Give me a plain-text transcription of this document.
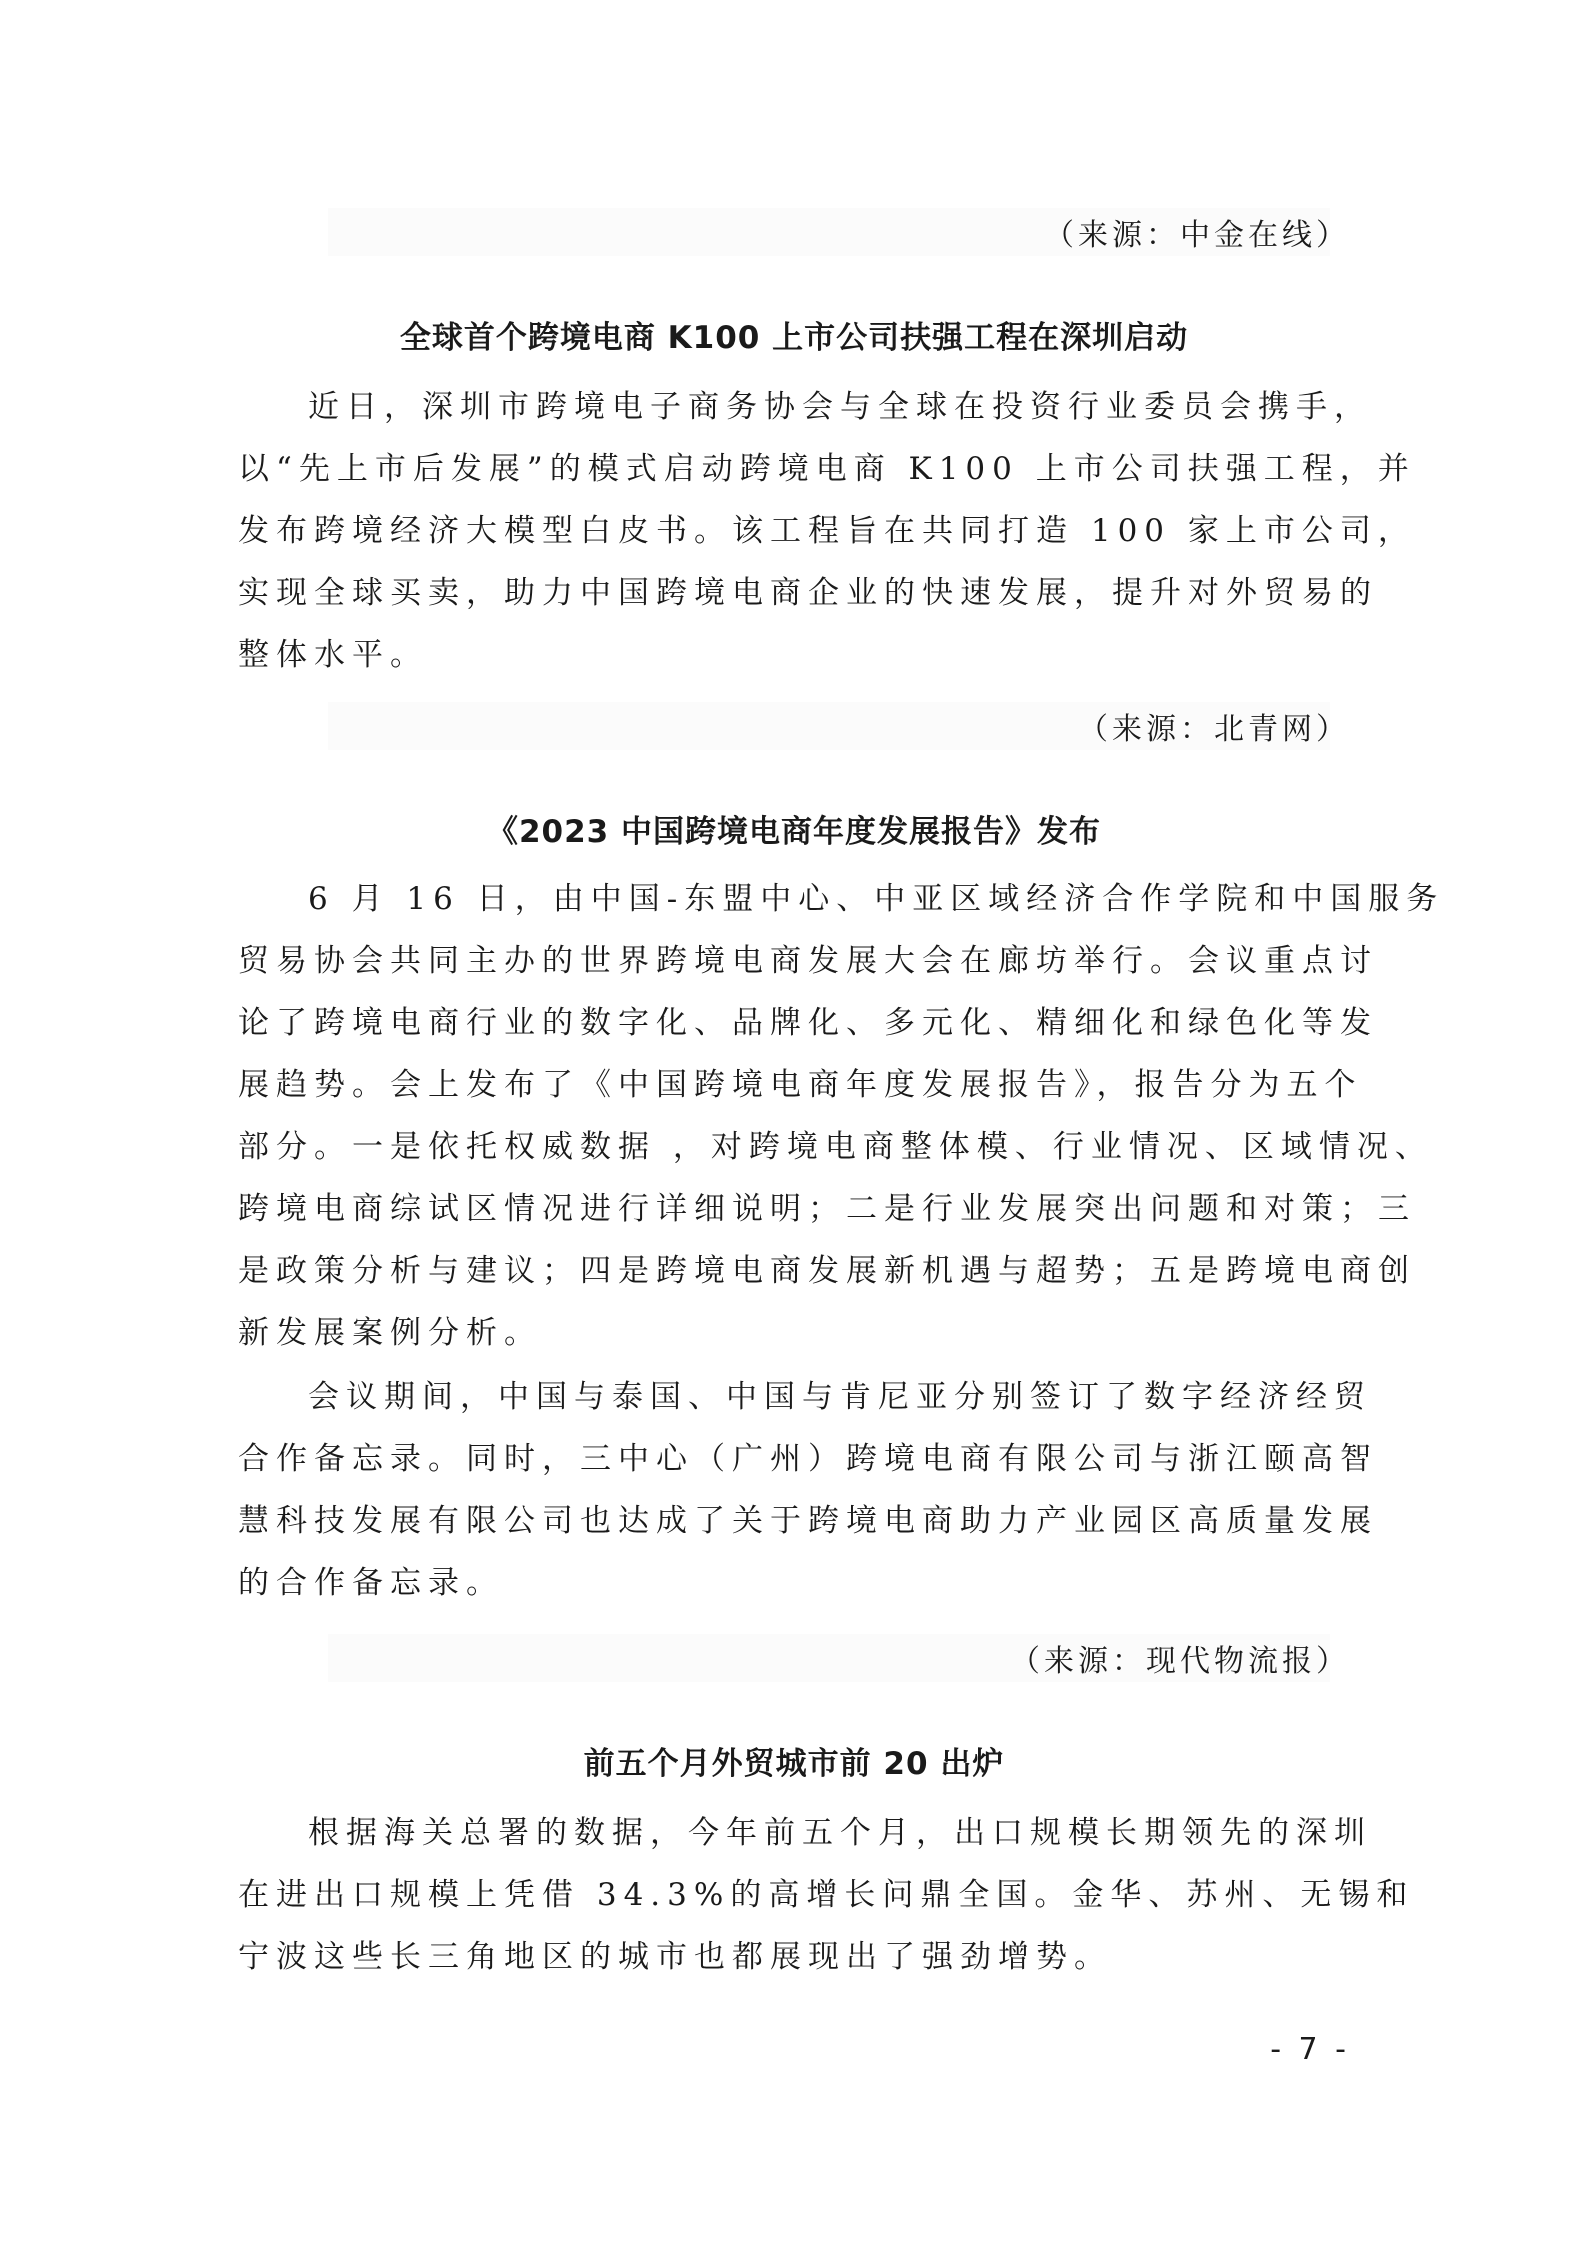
（来源：中金在线）
全球首个跨境电商 K100 上市公司扶强工程在深圳启动
近日，深圳市跨境电子商务协会与全球在投资行业委员会携手，
以“先上市后发展”的模式启动跨境电商 K100 上市公司扶强工程，并
发布跨境经济大模型白皮书。该工程旨在共同打造 100 家上市公司，
实现全球买卖，助力中国跨境电商企业的快速发展，提升对外贸易的
整体水平。
（来源：北青网）
《2023 中国跨境电商年度发展报告》发布
6 月 16 日，由中国-东盟中心、中亚区域经济合作学院和中国服务
贸易协会共同主办的世界跨境电商发展大会在廊坊举行。会议重点讨
论了跨境电商行业的数字化、品牌化、多元化、精细化和绿色化等发
展趋势。会上发布了《中国跨境电商年度发展报告》，报告分为五个
部分。一是依托权威数据 ，对跨境电商整体模、行业情况、区域情况、
跨境电商综试区情况进行详细说明；二是行业发展突出问题和对策；三
是政策分析与建议；四是跨境电商发展新机遇与超势；五是跨境电商创
新发展案例分析。
会议期间，中国与泰国、中国与肯尼亚分别签订了数字经济经贸
合作备忘录。同时，三中心（广州）跨境电商有限公司与浙江颐高智
慧科技发展有限公司也达成了关于跨境电商助力产业园区高质量发展
的合作备忘录。
（来源：现代物流报）
前五个月外贸城市前 20 出炉
根据海关总署的数据，今年前五个月，出口规模长期领先的深圳
在进出口规模上凭借 34.3%的高增长问鼎全国。金华、苏州、无锡和
宁波这些长三角地区的城市也都展现出了强劲增势。
- 7 -
